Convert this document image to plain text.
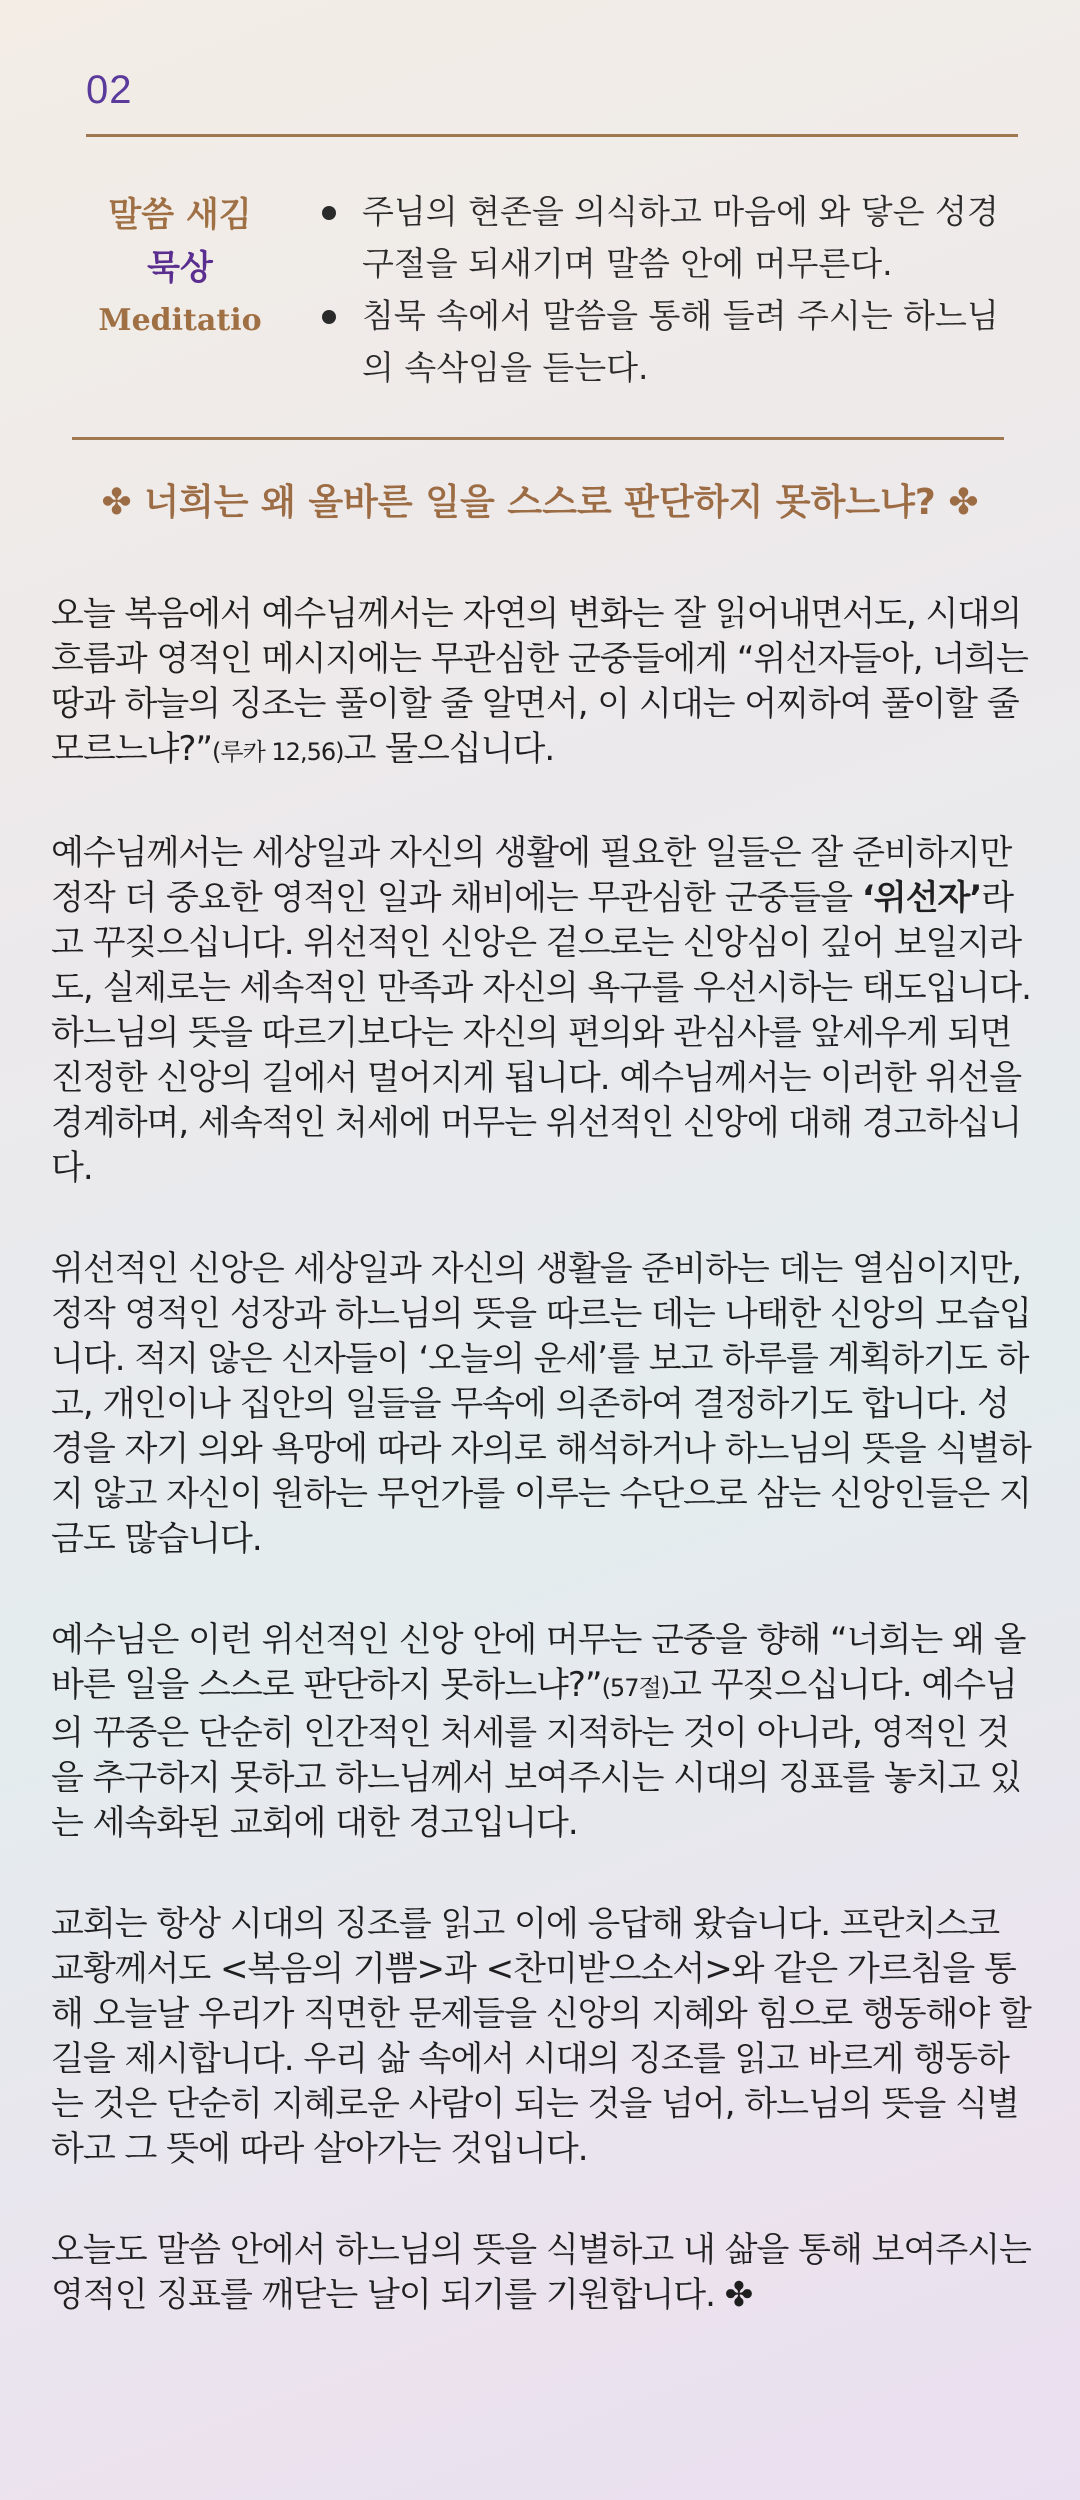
02
말씀 새김
묵상
Meditatio
주님의 현존을 의식하고 마음에 와 닿은 성경구절을 되새기며 말씀 안에 머무른다.
침묵 속에서 말씀을 통해 들려 주시는 하느님의 속삭임을 듣는다.
✤ 너희는 왜 올바른 일을 스스로 판단하지 못하느냐? ✤

오늘 복음에서 예수님께서는 자연의 변화는 잘 읽어내면서도, 시대의 흐름과 영적인 메시지에는 무관심한 군중들에게 “위선자들아, 너희는 땅과 하늘의 징조는 풀이할 줄 알면서, 이 시대는 어찌하여 풀이할 줄 모르느냐?”(루카 12,56)고 물으십니다.

예수님께서는 세상일과 자신의 생활에 필요한 일들은 잘 준비하지만 정작 더 중요한 영적인 일과 채비에는 무관심한 군중들을 ‘위선자’라고 꾸짖으십니다. 위선적인 신앙은 겉으로는 신앙심이 깊어 보일지라도, 실제로는 세속적인 만족과 자신의 욕구를 우선시하는 태도입니다. 하느님의 뜻을 따르기보다는 자신의 편의와 관심사를 앞세우게 되면 진정한 신앙의 길에서 멀어지게 됩니다. 예수님께서는 이러한 위선을 경계하며, 세속적인 처세에 머무는 위선적인 신앙에 대해 경고하십니다.

위선적인 신앙은 세상일과 자신의 생활을 준비하는 데는 열심이지만, 정작 영적인 성장과 하느님의 뜻을 따르는 데는 나태한 신앙의 모습입니다. 적지 않은 신자들이 ‘오늘의 운세’를 보고 하루를 계획하기도 하고, 개인이나 집안의 일들을 무속에 의존하여 결정하기도 합니다. 성경을 자기 의와 욕망에 따라 자의로 해석하거나 하느님의 뜻을 식별하지 않고 자신이 원하는 무언가를 이루는 수단으로 삼는 신앙인들은 지금도 많습니다.

예수님은 이런 위선적인 신앙 안에 머무는 군중을 향해 “너희는 왜 올바른 일을 스스로 판단하지 못하느냐?”(57절)고 꾸짖으십니다. 예수님의 꾸중은 단순히 인간적인 처세를 지적하는 것이 아니라, 영적인 것을 추구하지 못하고 하느님께서 보여주시는 시대의 징표를 놓치고 있는 세속화된 교회에 대한 경고입니다.

교회는 항상 시대의 징조를 읽고 이에 응답해 왔습니다. 프란치스코 교황께서도 <복음의 기쁨>과 <찬미받으소서>와 같은 가르침을 통해 오늘날 우리가 직면한 문제들을 신앙의 지혜와 힘으로 행동해야 할 길을 제시합니다. 우리 삶 속에서 시대의 징조를 읽고 바르게 행동하는 것은 단순히 지혜로운 사람이 되는 것을 넘어, 하느님의 뜻을 식별하고 그 뜻에 따라 살아가는 것입니다.

오늘도 말씀 안에서 하느님의 뜻을 식별하고 내 삶을 통해 보여주시는 영적인 징표를 깨닫는 날이 되기를 기원합니다. ✤
